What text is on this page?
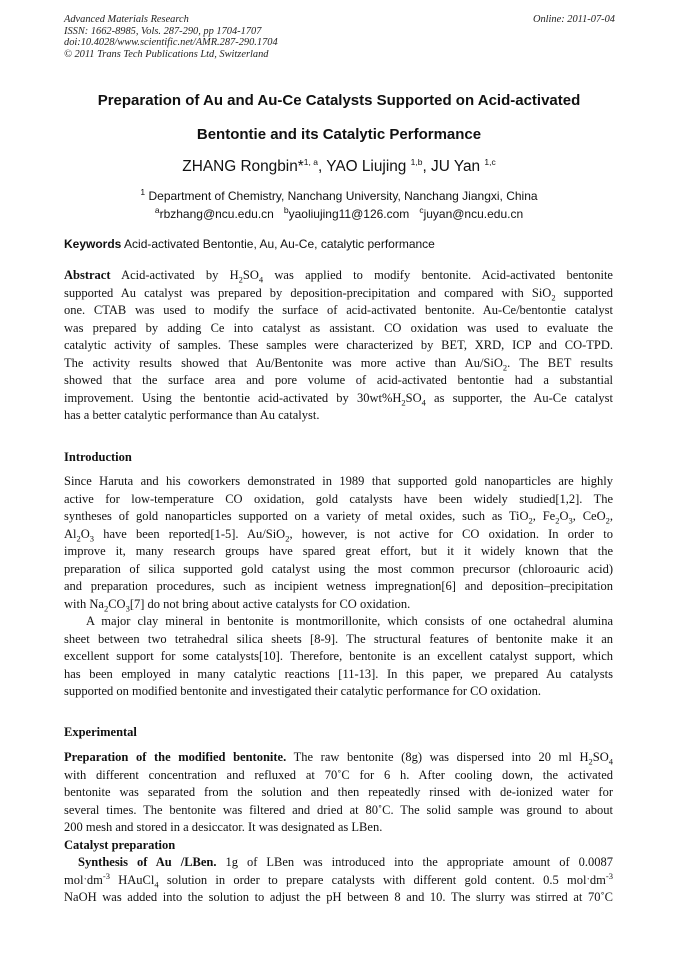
Advanced Materials Research
ISSN: 1662-8985, Vols. 287-290, pp 1704-1707
doi:10.4028/www.scientific.net/AMR.287-290.1704
© 2011 Trans Tech Publications Ltd, Switzerland
Online: 2011-07-04
Preparation of Au and Au-Ce Catalysts Supported on Acid-activated
Bentontie and its Catalytic Performance
ZHANG Rongbin*$^{1, a}$, YAO Liujing $^{1,b}$, JU Yan $^{1,c}$
$^1$ Department of Chemistry, Nanchang University, Nanchang Jiangxi, China
$^a$rbzhang@ncu.edu.cn $^b$yaoliujing11@126.com $^c$juyan@ncu.edu.cn
Keywords Acid-activated Bentontie, Au, Au-Ce, catalytic performance
Abstract Acid-activated by $H_2SO_4$ was applied to modify bentonite. Acid-activated bentonite
supported Au catalyst was prepared by deposition-precipitation and compared with SiO$_2$ supported
one. CTAB was used to modify the surface of acid-activated bentonite. Au-Ce/bentontie catalyst
was prepared by adding Ce into catalyst as assistant. CO oxidation was used to evaluate the
catalytic activity of samples. These samples were characterized by BET, XRD, ICP and CO-TPD.
The activity results showed that Au/Bentonite was more active than Au/SiO$_2$. The BET results
showed that the surface area and pore volume of acid-activated bentontie had a substantial
improvement. Using the bentontie acid-activated by $30wt\%H_2SO_4$ as supporter, the Au-Ce catalyst
has a better catalytic performance than Au catalyst.
Introduction
Since Haruta and his coworkers demonstrated in 1989 that supported gold nanoparticles are highly
active for low-temperature CO oxidation, gold catalysts have been widely studied[1,2]. The
syntheses of gold nanoparticles supported on a variety of metal oxides, such as TiO$_2$, $Fe_2O_3$, CeO$_2$,
$Al_2O_3$ have been reported[1-5]. Au/SiO$_2$, however, is not active for CO oxidation. In order to
improve it, many research groups have spared great effort, but it it widely known that the
preparation of silica supported gold catalyst using the most common precursor (chloroauric acid)
and preparation procedures, such as incipient wetness impregnation[6] and deposition–precipitation
with $Na_2CO_3[7]$ do not bring about active catalysts for CO oxidation.
A major clay mineral in bentonite is montmorillonite, which consists of one octahedral alumina
sheet between two tetrahedral silica sheets [8-9]. The structural features of bentonite make it an
excellent support for some catalysts[10]. Therefore, bentonite is an excellent catalyst support, which
has been employed in many catalytic reactions [11-13]. In this paper, we prepared Au catalysts
supported on modified bentonite and investigated their catalytic performance for CO oxidation.
Experimental
Preparation of the modified bentonite. The raw bentonite (8g) was dispersed into 20 ml $H_2SO_4$
with different concentration and refluxed at 70˚C for 6 h. After cooling down, the activated
bentonite was separated from the solution and then repeatedly rinsed with de-ionized water for
several times. The bentonite was filtered and dried at 80˚C. The solid sample was ground to about
200 mesh and stored in a desiccator. It was designated as LBen.
Catalyst preparation
Synthesis of Au /LBen. 1g of LBen was introduced into the appropriate amount of 0.0087
molˑdm$^{-3}$ HAuCl$_4$ solution in order to prepare catalysts with different gold content. 0.5 molˑdm$^{-3}$
NaOH was added into the solution to adjust the pH between 8 and 10. The slurry was stirred at 70˚C
